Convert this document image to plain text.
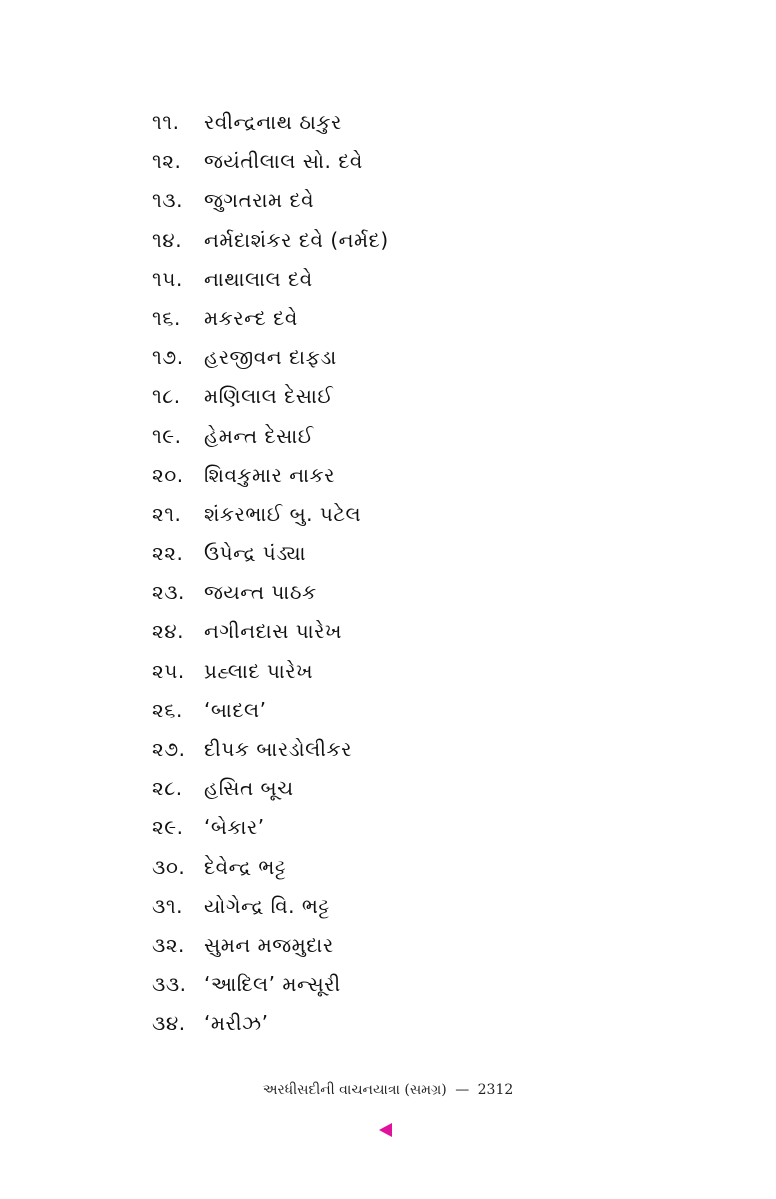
૧૧. રવીન્દ્રનાથ ઠાકુર
૧૨. જયંતીલાલ સો. દવે
૧૩. જુગતરામ દવે
૧૪. નર્મદાશંકર દવે (નર્મદ)
૧૫. નાથાલાલ દવે
૧૬. મકરન્દ દવે
૧૭. હરજીવન દાફડા
૧૮. મણિલાલ દેસાઈ
૧૯. હેમન્ત દેસાઈ
૨૦. શિવકુમાર નાકર
૨૧. શંકરભાઈ બુ. પટેલ
૨૨. ઉપેન્દ્ર પંડ્યા
૨૩. જયન્ત પાઠક
૨૪. નગીનદાસ પારેખ
૨૫. પ્રહ્લાદ પારેખ
૨૬. ‘બાદલ’
૨૭. દીપક બારડોલીકર
૨૮. હસિત બૂચ
૨૯. ‘બેકાર’
૩૦. દેવેન્દ્ર ભટ્ટ
૩૧. યોગેન્દ્ર વિ. ભટ્ટ
૩૨. સુમન મજમુદાર
૩૩. ‘આદિલ’ મન્સૂરી
૩૪. ‘મરીઝ’
અરધીસદીની વાચનયાત્રા (સમગ્ર) — 2312
